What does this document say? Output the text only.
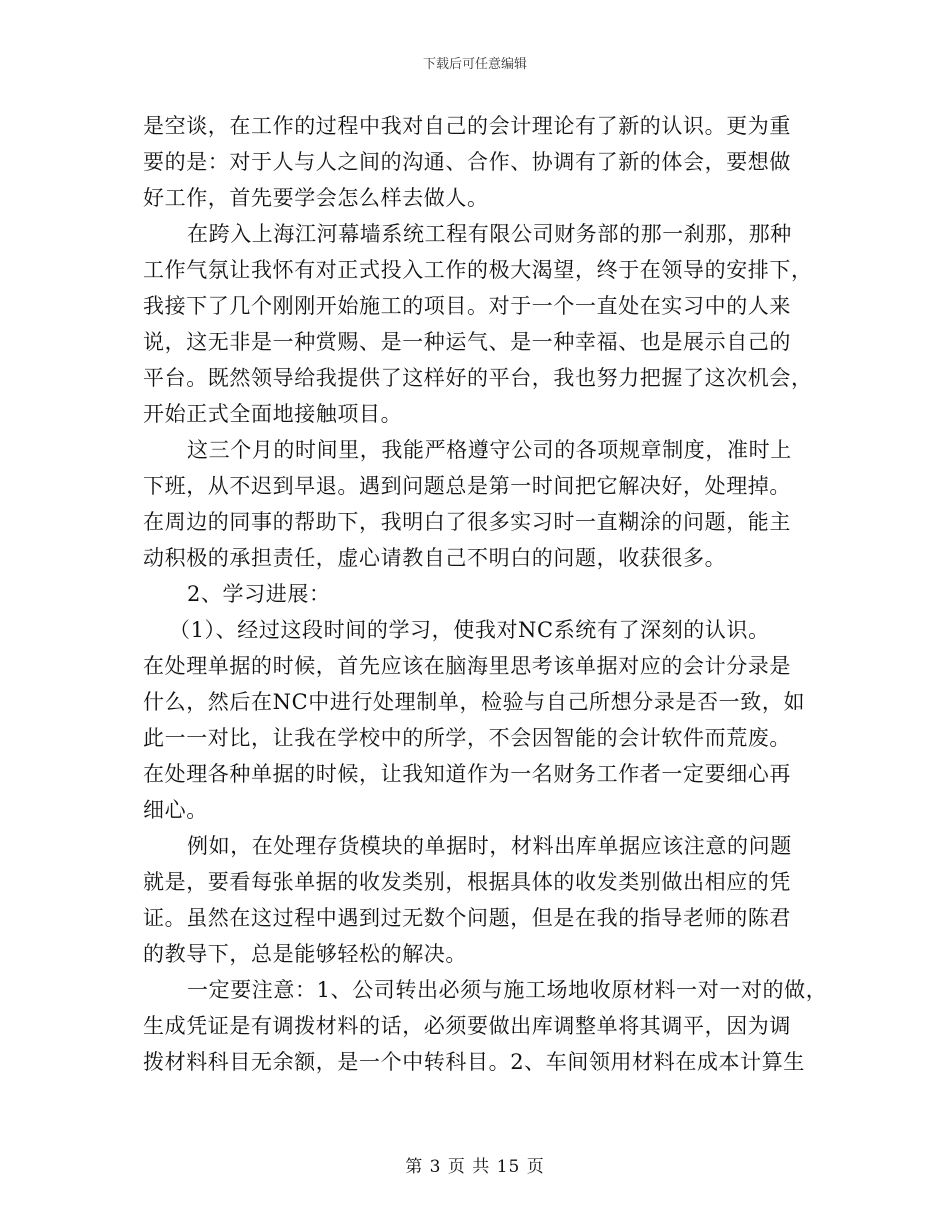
下载后可任意编辑
是空谈，在工作的过程中我对自己的会计理论有了新的认识。更为重
要的是：对于人与人之间的沟通、合作、协调有了新的体会，要想做
好工作，首先要学会怎么样去做人。
在跨入上海江河幕墙系统工程有限公司财务部的那一刹那，那种
工作气氛让我怀有对正式投入工作的极大渴望，终于在领导的安排下，
我接下了几个刚刚开始施工的项目。对于一个一直处在实习中的人来
说，这无非是一种赏赐、是一种运气、是一种幸福、也是展示自己的
平台。既然领导给我提供了这样好的平台，我也努力把握了这次机会，
开始正式全面地接触项目。
这三个月的时间里，我能严格遵守公司的各项规章制度，准时上
下班，从不迟到早退。遇到问题总是第一时间把它解决好，处理掉。
在周边的同事的帮助下，我明白了很多实习时一直糊涂的问题，能主
动积极的承担责任，虚心请教自己不明白的问题，收获很多。
2、学习进展：
（1）、经过这段时间的学习，使我对NC系统有了深刻的认识。
在处理单据的时候，首先应该在脑海里思考该单据对应的会计分录是
什么，然后在NC中进行处理制单，检验与自己所想分录是否一致，如
此一一对比，让我在学校中的所学，不会因智能的会计软件而荒废。
在处理各种单据的时候，让我知道作为一名财务工作者一定要细心再
细心。
例如，在处理存货模块的单据时，材料出库单据应该注意的问题
就是，要看每张单据的收发类别，根据具体的收发类别做出相应的凭
证。虽然在这过程中遇到过无数个问题，但是在我的指导老师的陈君
的教导下，总是能够轻松的解决。
一定要注意：1、公司转出必须与施工场地收原材料一对一对的做，
生成凭证是有调拨材料的话，必须要做出库调整单将其调平，因为调
拨材料科目无余额，是一个中转科目。2、车间领用材料在成本计算生
第 3 页 共 15 页
